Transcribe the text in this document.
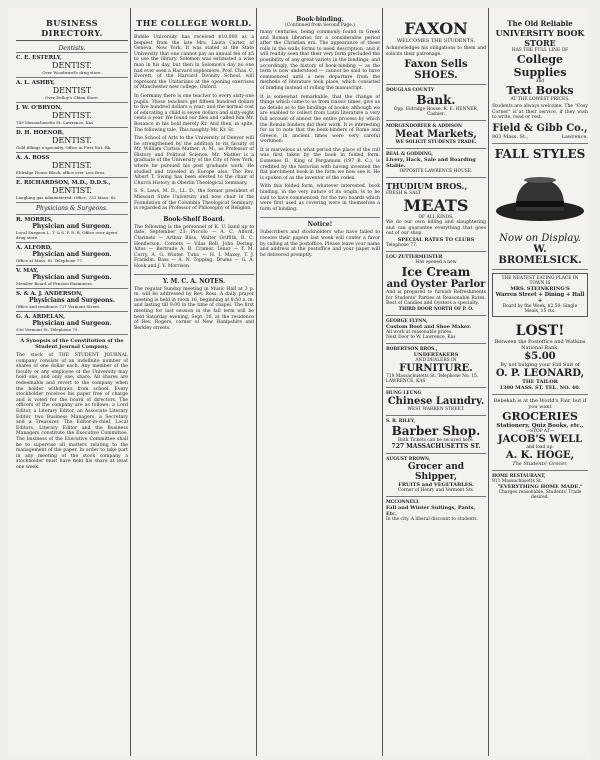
BUSINESS DIRECTORY.
Dentists.
C. E. ESTERLY,
DENTIST.
Over Woodward's drug store.
A. L. ASHBY,
DENTIST
Over Delloy's China Store.
J. W. O'BRYON,
DENTIST.
749 Massachusetts St. Lawrence, Kas
D. H. HOENOB,
DENTIST.
Gold fillings a specialty. Office in First Nat. Bk.
A. A. ROSS
DENTIST.
Eldridge House Block, office over Leis Bros.
E. RICHARDSON, M.D., D.D.S.,
DENTIST.
Laughing gas administered. Office, 733 Mass. St.
Physicians & Surgeons.
R. MORRIS,
Physician and Surgeon.
Local Surgeon L. T. & S. F. R. R. Office over Ayers' drug store.
A. ALFORD,
Physician and Surgeon.
Office at Mass. St. Telephone 77.
V. MAY,
Physician and Surgeon.
Member Board of Pension Examiners.
S. & A. J. ANDERSON,
Physicians and Surgeons.
Office and residence 727 Vermont Street.
G. A. ARDELAN,
Physician and Surgeon.
936 Vermont St. Telephone 79.
A Synopsis of the Constitution of the Student Journal Company.
The stock of THE STUDENT JOURNAL company consists of an indefinite number of shares of one dollar each. Any member of the faculty or any employee of the University may hold one, and only one, share. All shares are redeemable and revert to the company when the holder withdraws from school. Every stockholder receives his paper free of charge and is voted for the board of directors. The officers of the company are as follows: a Lord Editor, a Literary Editor, an Associate Literary Editor, two Business Managers, a Secretary and a Treasurer. The Editor-in-chief, Local Editors, Literary Editor and the Business Managers constitute the Executive Committee. The business of the Executive Committee shall be to supervise all matters relating to the management of the paper. In order to take part in any meeting of the stock company a stockholder must have held his share at least one week.
THE COLLEGE WORLD.
Biddle University has received $10,000 as a bequest from the late Mrs. Laura Carter, of Geneva, New York. It was stated at the State University that one cannot pay an annual fee of $5 to use the library. Solomon was estimated a wise man in his day, but then in Solomon's day no one had ever seen a Harvard sophomore. Prof. Chas. C. Everett, of the Harvard Divinity School, will represent the Unitarians at the opening exercises of Manchester new college, Oxford.
In Germany there is one teacher to every sixty-one pupils. Those teachers get fifteen hundred dollars to five hundred dollars a year; and the normal cost of educating a child is seven dollars and sixty-eight cents a year. We found our files and called him Mr. Bosanco in his bold merely Kr. And then, in spite, The following tale, This naughty Mr. Kr. Sr.
The School of Arts to the University of Denver will be strengthened by the addition to its faculty of Mr. William Curtiss Mather, A. M., as Professor of History and Political Science. Mr. Mather is a graduate of the University of the City of New York, where he pursued his post graduate work. He studied and traveled in Europe also. The Rev. Albert T. Swing has been elected to the chair of Church History in Oberlin Theological Seminary.
S. S. Laws, M. D., LL. D., the former president of Missouri State University and now chair in the Foundation of the Columbia Theological Seminary, is regarded as Professor of Philosophy of Religion.
Book-Shelf Board.
The following is the personnel of K. U. band up to date, September 23: Piccolo — A. C. Alford. Clarinets — Arthur Bliss, Walter Griffith, R. C. Henderson. Cornets — Vilas Bell, John Dering. Altos — Bertrude A. B. Cramer. Tenor — T. M. Curry, A. G. Winter. Tuba — H. I. Maxey, T. J. Franklin. Bass — A. N. Topping. Drums — G. A. Hook and J. V. Morrison.
Y. M. C. A. NOTES.
The regular Sunday meeting in Music Hall at 3 p. m. will be addressed by Rev. Ross. A daily prayer meeting is held in room 16, beginning at 8:50 a. m. and lasting till 9:00 in the time of chapel. The first meeting for last session in the fall term will be held Saturday evening, Sept. 16, at the residence of Rev. Rogers, corner of New Hampshire and Berkley streets.
Book-binding.
(Continued from Second Page.)
many centuries, being commonly found in Greek and Roman libraries for a considerable period after the Christian era. The appearance of these rolls in the walls forms to need description, and it will readily seen that their very form precluded the possibility of any great variety in the bindings; and accordingly, the history of book-binding — as the term is now understood — cannot be said to have commenced until a new departure from the methods of literature took place, which consisted of binding instead of rolling the manuscript.
It is somewhat remarkable, that the change of things which came to us from classic times, give us no details as to the bindings of books; although we are enabled to collect from Latin literature a very full account of almost the entire process by which the Roman binders did their work. It is interesting for us to note that the book-binders of Rome and Greece, in ancient times were very careful workmen.
It is marvelous at what period the place of the roll was first taken by the book in folded form. Eumenes II., King of Pergamum (197 B. C.), is credited by the historian with having invented the flat parchment book in the form we now see it. He is spoken of as the inventor of the codex.
With this folded form, whatever interested, book binding, in the very nature of its origin, is to be said to have commenced; for the two boards which were first used as covering were in themselves a form of binding.
Notice!
Subscribers and stockholders who have failed to receive their papers last week will confer a favor by calling at the postoffice. Please leave your name and address at the postoffice and your paper will be delivered promptly.
FAXON
WELCOMES THE STUDENTS.
Acknowledges his obligations to them and solicits their patronage.
Faxon Sells SHOES.
DOUGLAS COUNTY
Bank.
Opp. Eldridge House. R. E. HENNER, Cashier.
MORGENDORFER & ADDISON
Meat Markets,
WE SOLICIT STUDENTS TRADE.
BEAL & GODDING,
Livery, Hack, Sale and Boarding Stable.
OPPOSITE LAWRENCE HOUSE.
THUDIUM BROS.,
FRESH & SALT
MEATS
OF ALL KINDS.
We do our own killing and slaughtering and can guarantee everything that goes out of our shop.
SPECIAL RATES TO CLUBS
Telephone 77.
LOU ZUTTERMEISTER
Has opened a new
Ice Cream
and Oyster Parlor
And is prepared to furnish Refreshments for Students' Parties at Reasonable Rates. Best of Candies and Oysters a specialty.
THIRD DOOR NORTH OF P. O.
GEORGE FLYNN,
Custom Boot and Shoe Maker.
All work at reasonable prices.
Next Door to W. Lawrence, Kas
ROBERTSON BROS.,
UNDERTAKERS
AND DEALERS IN
FURNITURE.
719 Massachusetts St. Telephone No. 15. LAWRENCE, KAS
HUNG LEUNG
Chinese Laundry.
WEST WARREN STREET.
S. R. RILEY,
Barber Shop.
Bath Tickets can be secured here.
727 MASSACHUSETTS ST.
AUGUST BROWN,
Grocer and Shipper,
FRUITS and VEGETABLES.
Corner of Henry and Vermont Sts.
MCCONNELL
Fall and Winter Suitings, Pants, Etc.
In the city. A liberal discount to students.
The Old Reliable
UNIVERSITY BOOK STORE
HAS THE FULL LINE OF
College Supplies
and
Text Books
AT THE LOWEST PRICES.
Students are always welcome. The "Cosy Corner" is at their service, if they wish to write, read or rest.
Field & Gibb Co.,
803 Mass. St.,	Lawrence.
FALL STYLES
Now on Display.
W. BROMELSICK.
THE NEATEST EATING PLACE IN TOWN IS
MRS. STEINKRING'S
Warren Street + Dining + Hall +
Board by the Week, $2.50; Single Meals, 15 cts.
LOST!
Between the Postoffice and Watkins National Bank,
$5.00
By not bulging your Fall Suit of
O. P. LEONARD,
THE TAILOR
1300 MASS. ST. TEL. NO. 40.
Rebekah is at the World's Fair, but if you want
GROCERIES
Stationery, Quiz Books, etc.,
—STOP AT—
JACOB'S WELL
and load up.
A. K. HOGE,
The Students' Grocer.
HOME RESTAURANT,
911 Massachusetts St.
"EVERYTHING HOME MADE."
Charges reasonable. Students' Trade desired.
